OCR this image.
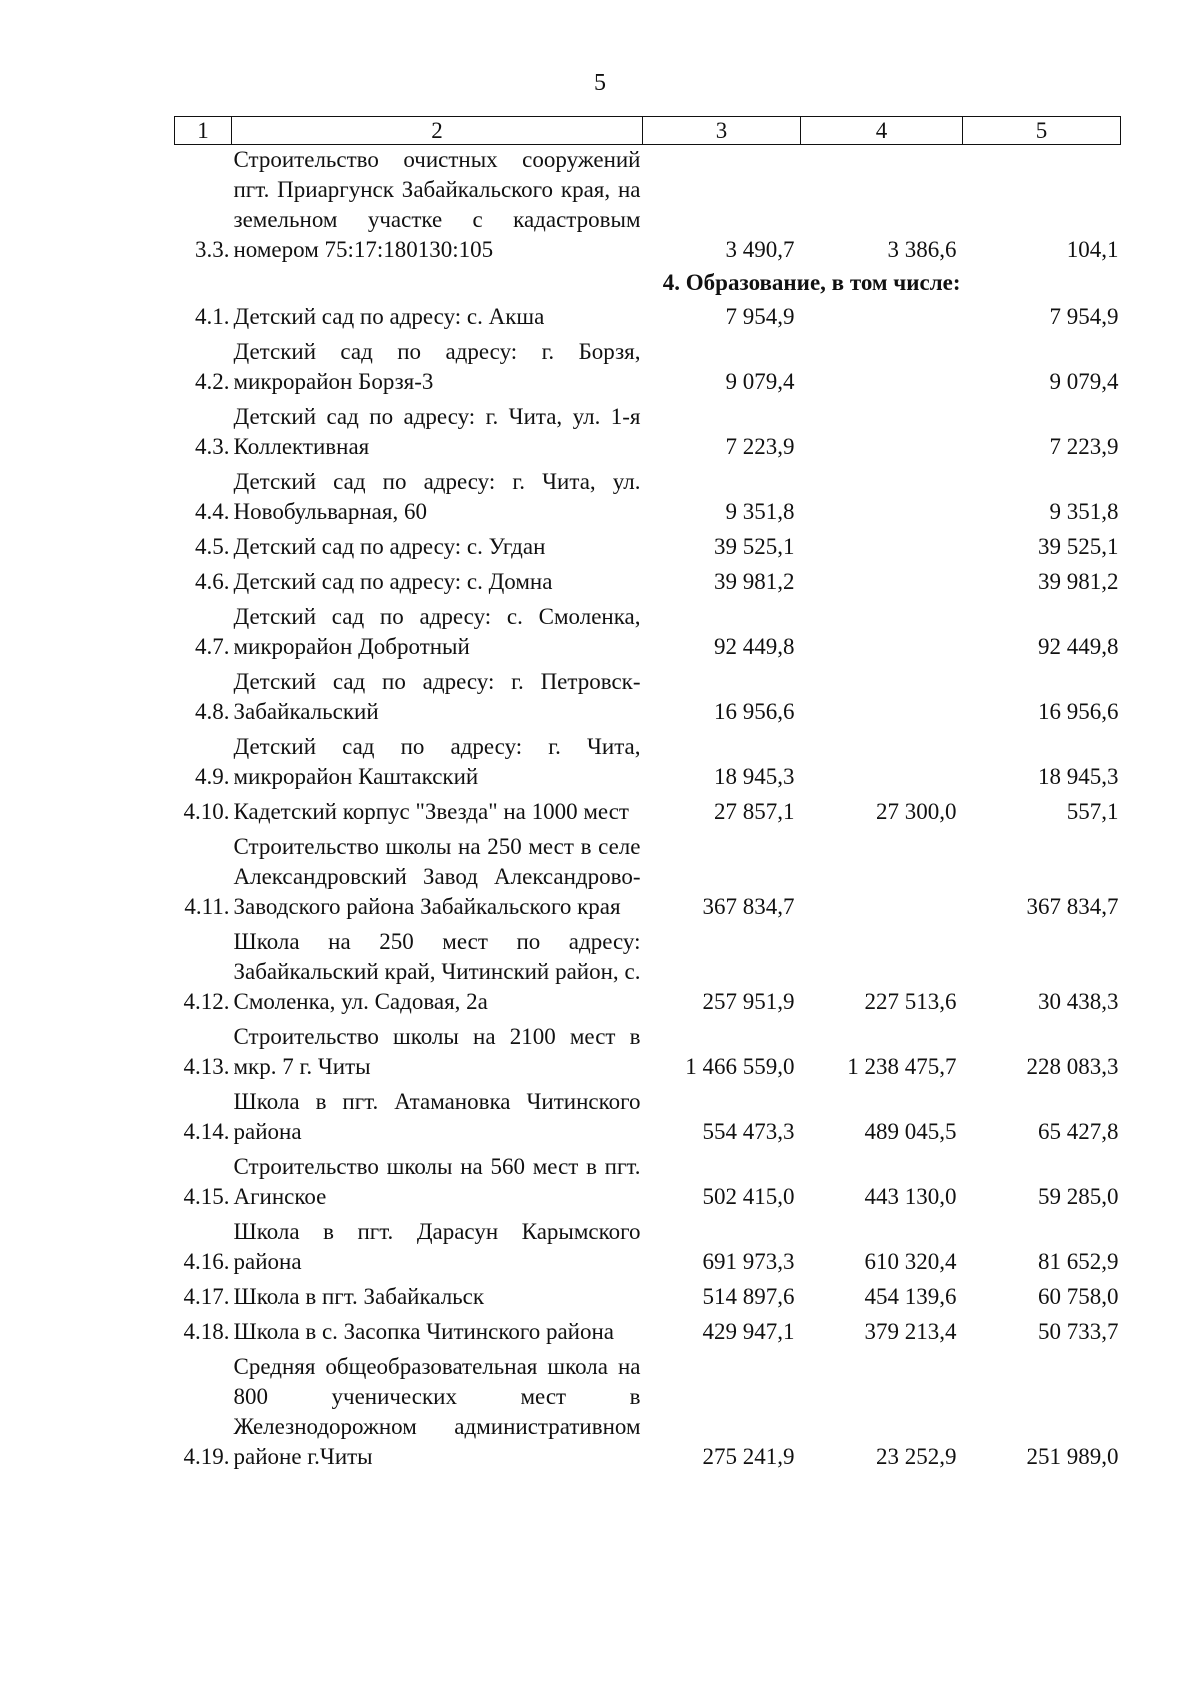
5
1	2	3	4	5
3.3.	Строительство очистных сооружений пгт. Приаргунск Забайкальского края, на земельном участке с кадастровым номером 75:17:180130:105	3 490,7	3 386,6	104,1
4. Образование, в том числе:				
4.1.	Детский сад по адресу: с. Акша	7 954,9		7 954,9
4.2.	Детский сад по адресу: г. Борзя, микрорайон Борзя-3	9 079,4		9 079,4
4.3.	Детский сад по адресу: г. Чита, ул. 1-я Коллективная	7 223,9		7 223,9
4.4.	Детский сад по адресу: г. Чита, ул. Новобульварная, 60	9 351,8		9 351,8
4.5.	Детский сад по адресу: с. Угдан	39 525,1		39 525,1
4.6.	Детский сад по адресу: с. Домна	39 981,2		39 981,2
4.7.	Детский сад по адресу: с. Смоленка, микрорайон Добротный	92 449,8		92 449,8
4.8.	Детский сад по адресу: г. Петровск-Забайкальский	16 956,6		16 956,6
4.9.	Детский сад по адресу: г. Чита, микрорайон Каштакский	18 945,3		18 945,3
4.10.	Кадетский корпус "Звезда" на 1000 мест	27 857,1	27 300,0	557,1
4.11.	Строительство школы на 250 мест в селе Александровский Завод Александрово-Заводского района Забайкальского края	367 834,7		367 834,7
4.12.	Школа на 250 мест по адресу: Забайкальский край, Читинский район, с. Смоленка, ул. Садовая, 2а	257 951,9	227 513,6	30 438,3
4.13.	Строительство школы на 2100 мест в мкр. 7 г. Читы	1 466 559,0	1 238 475,7	228 083,3
4.14.	Школа в пгт. Атамановка Читинского района	554 473,3	489 045,5	65 427,8
4.15.	Строительство школы на 560 мест в пгт. Агинское	502 415,0	443 130,0	59 285,0
4.16.	Школа в пгт. Дарасун Карымского района	691 973,3	610 320,4	81 652,9
4.17.	Школа в пгт. Забайкальск	514 897,6	454 139,6	60 758,0
4.18.	Школа в с. Засопка Читинского района	429 947,1	379 213,4	50 733,7
4.19.	Средняя общеобразовательная школа на 800 ученических мест в Железнодорожном административном районе г.Читы	275 241,9	23 252,9	251 989,0
